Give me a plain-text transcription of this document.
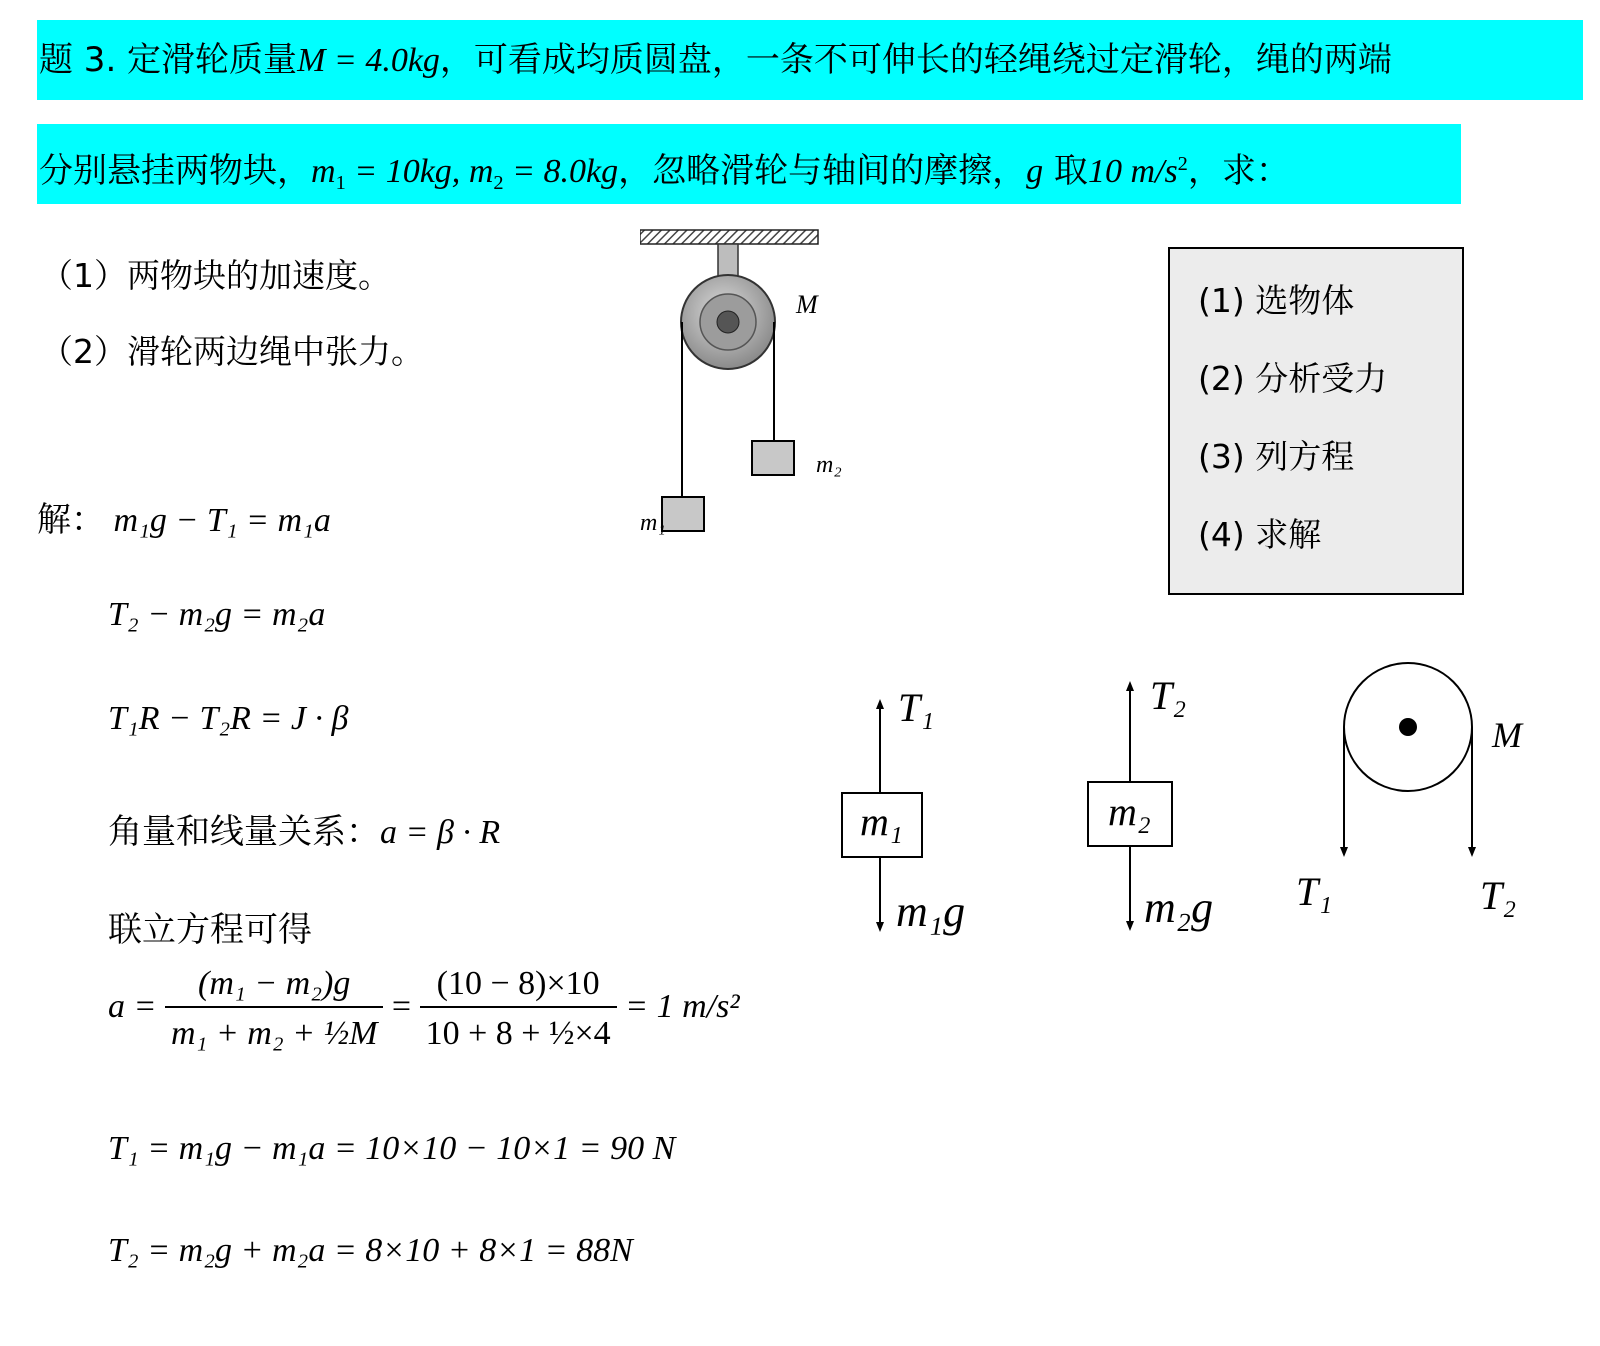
题 3. 定滑轮质量M = 4.0kg，可看成均质圆盘，一条不可伸长的轻绳绕过定滑轮，绳的两端
分别悬挂两物块，$m_1 = 10kg$, $m_2 = 8.0kg$，忽略滑轮与轴间的摩擦，g 取10 $m/s^2$，求：
（1）两物块的加速度。
（2）滑轮两边绳中张力。
M
m₂
m₁
(1) 选物体
(2) 分析受力
(3) 列方程
(4) 求解
解： m₁g − T₁ = m₁a
T₂ − m₂g = m₂a
T₁R − T₂R = J · β
角量和线量关系：a = β · R
联立方程可得
$a = \frac{\text{(m₁ − m₂)g}}{\text{m₁ + m₂ + ½M}} = \frac{(10 - 8)\times 10}{\text{10 + 8 + ½×4}} = 1$ m/s²
T₁ = m₁g − m₁a = 10×10 − 10×1 = 90 N
T₂ = m₂g + m₂a = 8×10 + 8×1 = 88N
T₁
m₁
m₁g
T₂
m₂
m₂g
M
T₁	T₂
